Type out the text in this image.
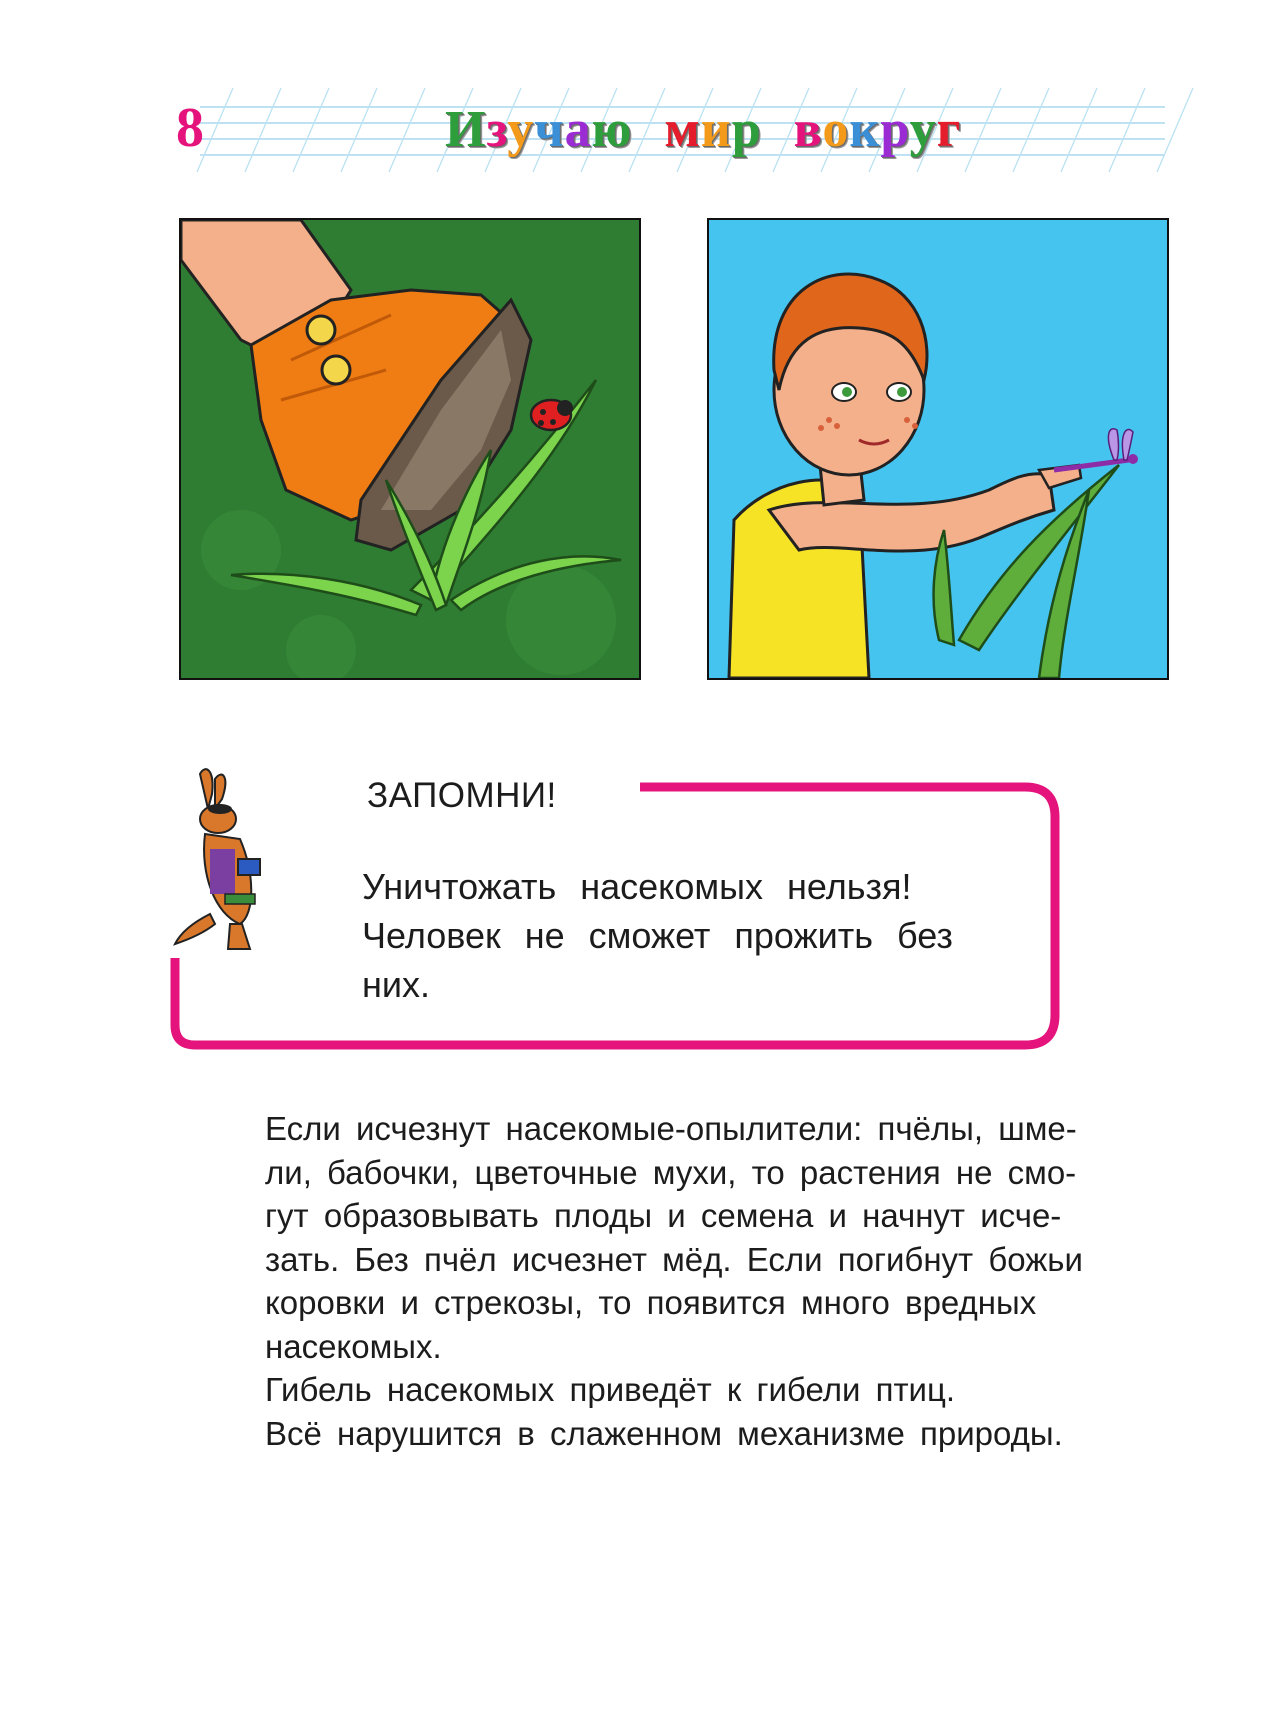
8	Изучаю мир вокруг
ЗАПОМНИ!

Уничтожать насекомых нельзя!

Человек не сможет прожить без

них.

Если исчезнут насекомые-опылители: пчёлы, шме-

ли, бабочки, цветочные мухи, то растения не смо-

гут образовывать плоды и семена и начнут исче-

зать. Без пчёл исчезнет мёд. Если погибнут божьи

коровки и стрекозы, то появится много вредных

насекомых.

Гибель насекомых приведёт к гибели птиц.

Всё нарушится в слаженном механизме природы.
